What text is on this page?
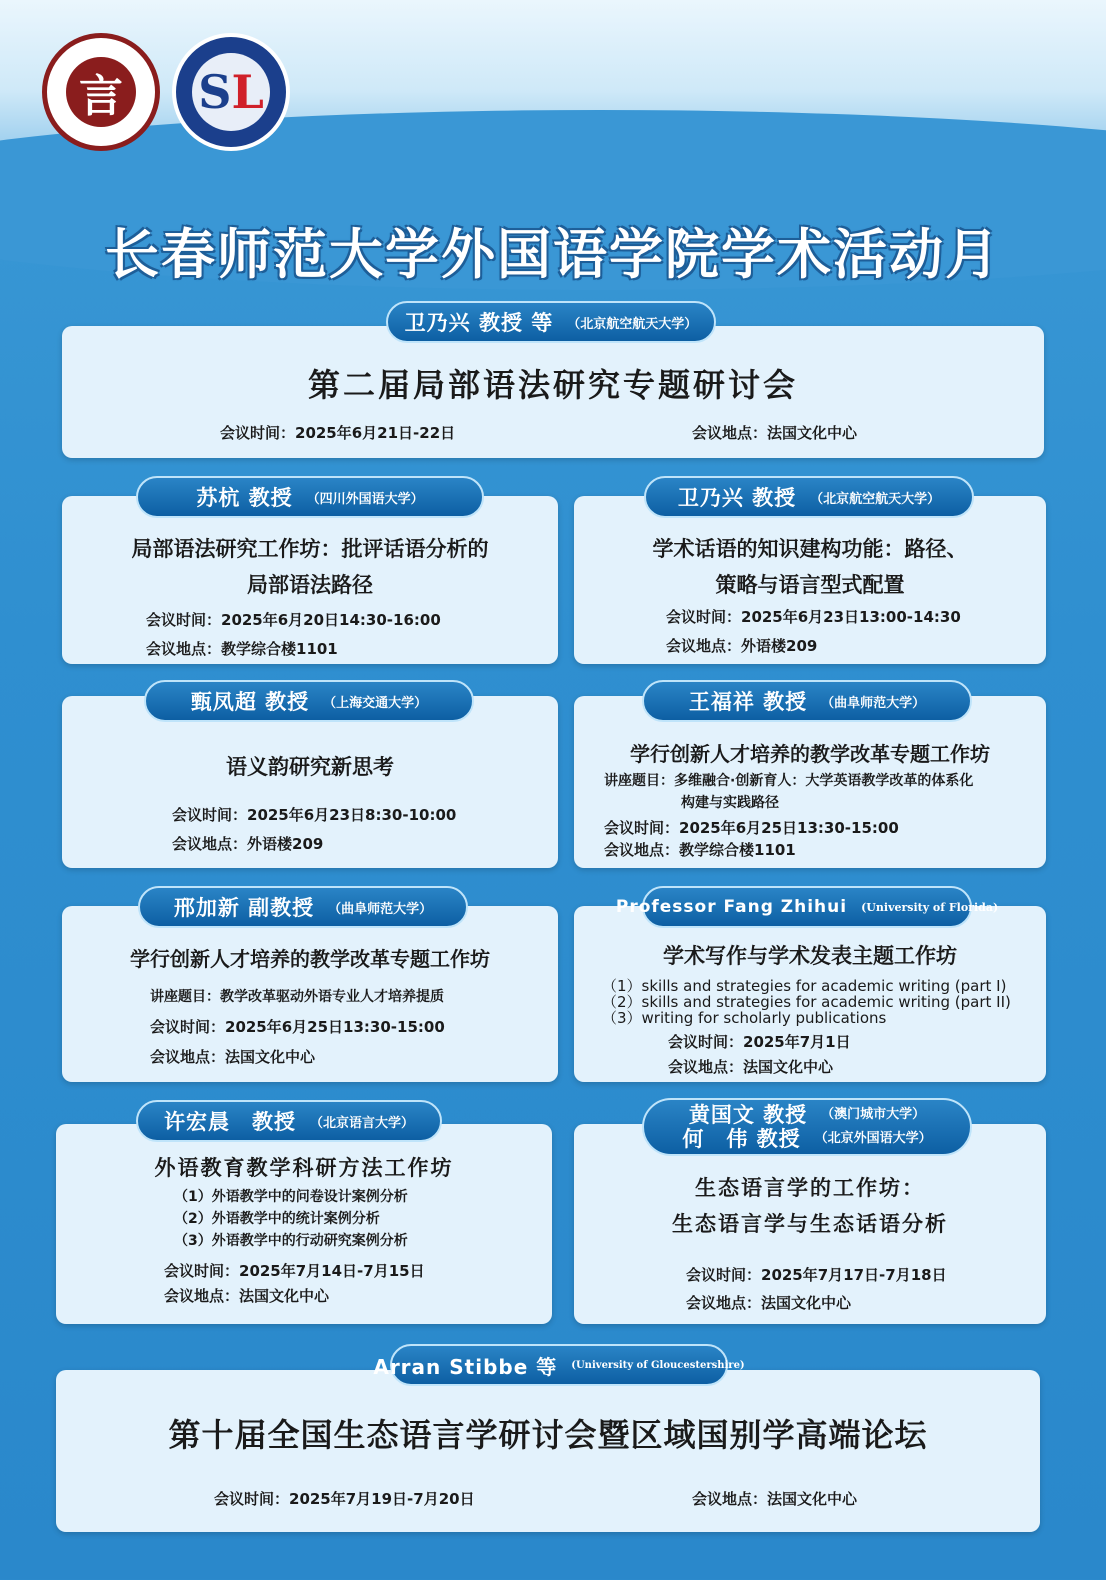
言 S L
长春师范大学外国语学院学术活动月
第二届局部语法研究专题研讨会
会议时间：2025年6月21日-22日	会议地点：法国文化中心
卫乃兴 教授 等 （北京航空航天大学）
局部语法研究工作坊：批评话语分析的
局部语法路径
会议时间：2025年6月20日14:30-16:00
会议地点：教学综合楼1101
苏杭 教授 （四川外国语大学）
学术话语的知识建构功能：路径、
策略与语言型式配置
会议时间：2025年6月23日13:00-14:30
会议地点：外语楼209
卫乃兴 教授 （北京航空航天大学）
语义韵研究新思考
会议时间：2025年6月23日8:30-10:00
会议地点：外语楼209
甄凤超 教授 （上海交通大学）
学行创新人才培养的教学改革专题工作坊
讲座题目：多维融合·创新育人：大学英语教学改革的体系化
构建与实践路径
会议时间：2025年6月25日13:30-15:00
会议地点：教学综合楼1101
王福祥 教授 （曲阜师范大学）
学行创新人才培养的教学改革专题工作坊
讲座题目：教学改革驱动外语专业人才培养提质
会议时间：2025年6月25日13:30-15:00
会议地点：法国文化中心
邢加新 副教授 （曲阜师范大学）
学术写作与学术发表主题工作坊
（1）skills and strategies for academic writing (part I)
（2）skills and strategies for academic writing (part II)
（3）writing for scholarly publications
会议时间：2025年7月1日
会议地点：法国文化中心
Professor Fang Zhihui (University of Florida)
外语教育教学科研方法工作坊
（1）外语教学中的问卷设计案例分析
（2）外语教学中的统计案例分析
（3）外语教学中的行动研究案例分析
会议时间：2025年7月14日-7月15日
会议地点：法国文化中心
许宏晨　教授 （北京语言大学）
生态语言学的工作坊：
生态语言学与生态话语分析
会议时间：2025年7月17日-7月18日
会议地点：法国文化中心
黄国文 教授 （澳门城市大学）
何　伟 教授 （北京外国语大学）
第十届全国生态语言学研讨会暨区域国别学高端论坛
会议时间：2025年7月19日-7月20日	会议地点：法国文化中心
Arran Stibbe 等 (University of Gloucestershire)
